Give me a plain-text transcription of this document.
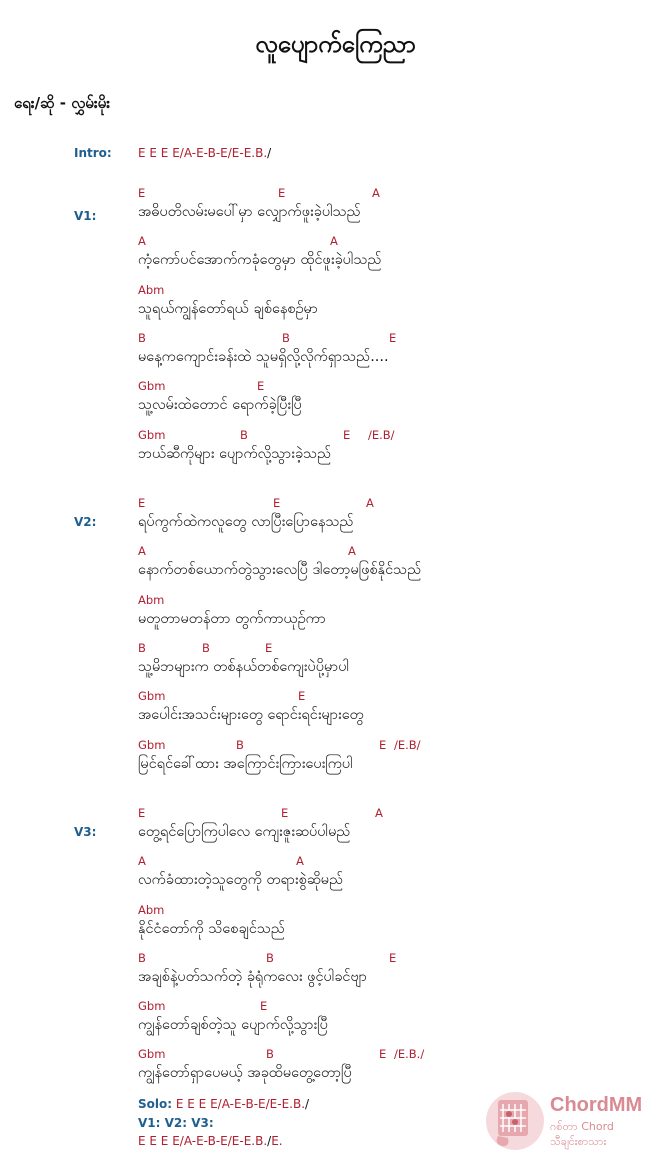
လူပျောက်ကြေညာ
ရေး/ဆို - လွှမ်းမိုး
Intro: E E E E/A-E-B-E/E-E.B./
V1:
E	E	A
အဓိပတိလမ်းမပေါ်မှာ လျှောက်ဖူးခဲ့ပါသည်
A	A
ကံ့ကော်ပင်အောက်ကခုံတွေမှာ ထိုင်ဖူးခဲ့ပါသည်
Abm
သူရယ်ကျွန်တော်ရယ် ချစ်နေစဉ်မှာ
B	B	E
မနေ့ကကျောင်းခန်းထဲ သူမရှိလို့လိုက်ရှာသည်....
Gbm	E
သူ့လမ်းထဲတောင် ရောက်ခဲ့ပြီးပြီ
Gbm	B	E /E.B/
ဘယ်ဆီကိုများ ပျောက်လို့သွားခဲ့သည်
V2:
E	E	A
ရပ်ကွက်ထဲကလူတွေ လာပြီးပြောနေသည်
A	A
နောက်တစ်ယောက်တွဲသွားလေပြီ ဒါတော့မဖြစ်နိုင်သည်
Abm
မတူတာမတန်တာ တွက်ကာယုဉ်ကာ
B	B	E
သူ့မိဘများက တစ်နယ်တစ်ကျေးပဲပို့မှာပါ
Gbm	E
အပေါင်းအသင်းများတွေ ရောင်းရင်းများတွေ
Gbm	B	E /E.B/
မြင်ရင်ခေါ်ထား အကြောင်းကြားပေးကြပါ
V3:
E	E	A
တွေ့ရင်ပြောကြပါလေ ကျေးဇူးဆပ်ပါမည်
A	A
လက်ခံထားတဲ့သူတွေကို တရားစွဲဆိုမည်
Abm
နိုင်ငံတော်ကို သိစေချင်သည်
B	B	E
အချစ်နဲ့ပတ်သက်တဲ့ ခုံရုံကလေး ဖွင့်ပါခင်ဗျာ
Gbm	E
ကျွန်တော်ချစ်တဲ့သူ ပျောက်လို့သွားပြီ
Gbm	B	E /E.B./
ကျွန်တော်ရှာပေမယ့် အခုထိမတွေ့တော့ပြီ
Solo: E E E E/A-E-B-E/E-E.B./
V1: V2: V3:
E E E E/A-E-B-E/E-E.B./E.
ChordMM
ဂစ်တာ Chord
သီချင်းစာသား
